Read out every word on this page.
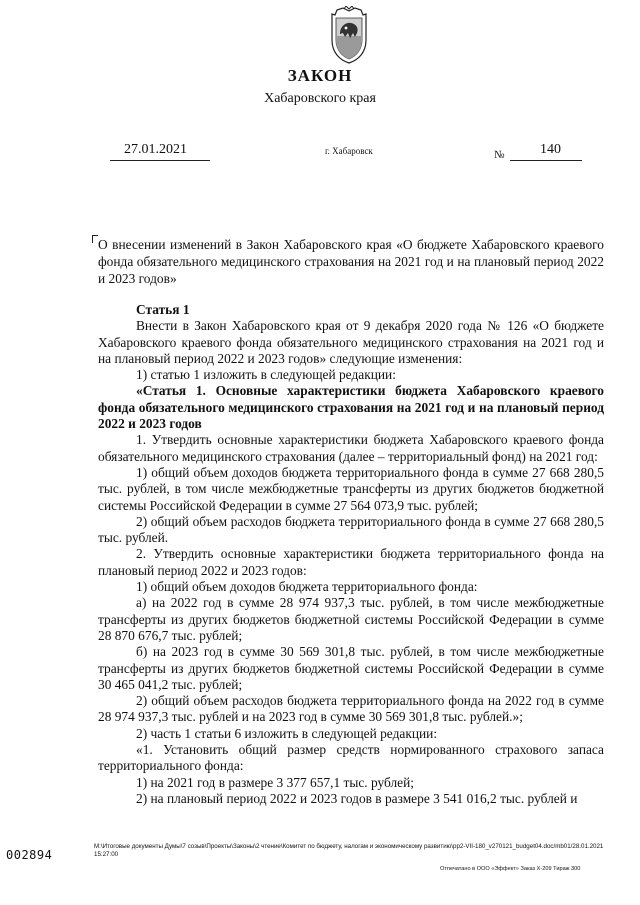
ЗАКОН
Хабаровского края
27.01.2021	г. Хабаровск	№	140
О внесении изменений в Закон Хабаровского края «О бюджете Хабаровского краевого фонда обязательного медицинского страхования на 2021 год и на плановый период 2022 и 2023 годов»

Статья 1

Внести в Закон Хабаровского края от 9 декабря 2020 года № 126 «О бюджете Хабаровского краевого фонда обязательного медицинского страхования на 2021 год и на плановый период 2022 и 2023 годов» следующие изменения:

1) статью 1 изложить в следующей редакции:

«Статья 1. Основные характеристики бюджета Хабаровского краевого фонда обязательного медицинского страхования на 2021 год и на плановый период 2022 и 2023 годов

1. Утвердить основные характеристики бюджета Хабаровского краевого фонда обязательного медицинского страхования (далее – территориальный фонд) на 2021 год:

1) общий объем доходов бюджета территориального фонда в сумме 27 668 280,5 тыс. рублей, в том числе межбюджетные трансферты из других бюджетов бюджетной системы Российской Федерации в сумме 27 564 073,9 тыс. рублей;

2) общий объем расходов бюджета территориального фонда в сумме 27 668 280,5 тыс. рублей.

2. Утвердить основные характеристики бюджета территориального фонда на плановый период 2022 и 2023 годов:

1) общий объем доходов бюджета территориального фонда:

а) на 2022 год в сумме 28 974 937,3 тыс. рублей, в том числе межбюджетные трансферты из других бюджетов бюджетной системы Российской Федерации в сумме 28 870 676,7 тыс. рублей;

б) на 2023 год в сумме 30 569 301,8 тыс. рублей, в том числе межбюджетные трансферты из других бюджетов бюджетной системы Российской Федерации в сумме 30 465 041,2 тыс. рублей;

2) общий объем расходов бюджета территориального фонда на 2022 год в сумме 28 974 937,3 тыс. рублей и на 2023 год в сумме 30 569 301,8 тыс. рублей.»;

2) часть 1 статьи 6 изложить в следующей редакции:

«1. Установить общий размер средств нормированного страхового запаса территориального фонда:

1) на 2021 год в размере 3 377 657,1 тыс. рублей;

2) на плановый период 2022 и 2023 годов в размере 3 541 016,2 тыс. рублей и

002894
M:\Итоговые документы Думы\7 созыв\Проекты\Законы\2 чтение\Комитет по бюджету, налогам и экономическому развитию\pp2-VII-180_v270121_budget04.doc/mb01/28.01.2021 15:27:00
Отпечатано в ООО «Эффект» Заказ Х-209 Тираж 300
